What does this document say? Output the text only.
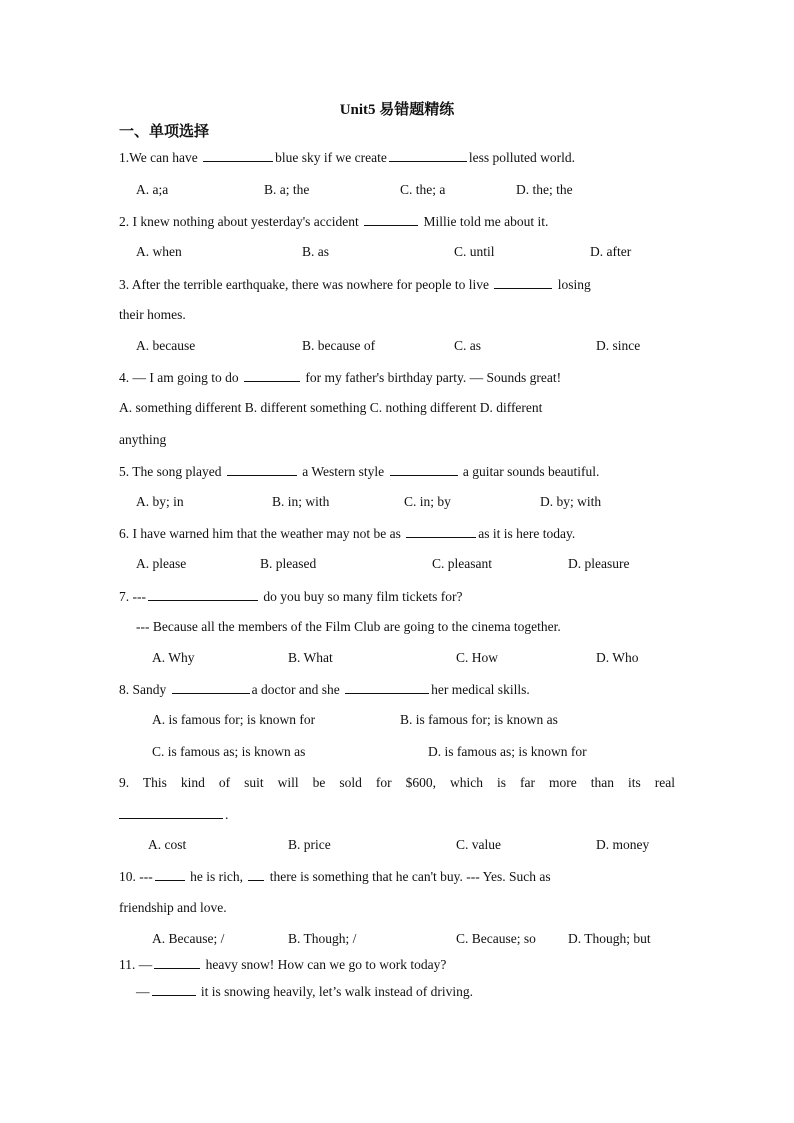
Unit5 易错题精练
一、单项选择
1.We can have	blue sky if we create	less polluted world.
A. a;a	B. a; the	C. the; a	D. the; the
2. I knew nothing about yesterday's accident	Millie told me about it.
A. when	B. as	C. until	D. after
3. After the terrible earthquake, there was nowhere for people to live	losing
their homes.
A. because	B. because of	C. as	D. since
4. — I am going to do	for my father's birthday party. — Sounds great!
A. something different B. different something C. nothing different D. different
anything
5. The song played	a Western style	a guitar sounds beautiful.
A. by; in	B. in; with	C. in; by	D. by; with
6. I have warned him that the weather may not be as	as it is here today.
A. please	B. pleased	C. pleasant	D. pleasure
7. ---	do you buy so many film tickets for?
--- Because all the members of the Film Club are going to the cinema together.
A. Why	B. What	C. How	D. Who
8. Sandy	a doctor and she	her medical skills.
A. is famous for; is known for	B. is famous for; is known as
C. is famous as; is known as	D. is famous as; is known for
9. This kind of suit will be sold for $600, which is far more than its real
.
A. cost	B. price	C. value	D. money
10. ---	he is rich,  there is something that he can't buy. --- Yes. Such as
friendship and love.
A. Because; /	B. Though; /	C. Because; so D. Though; but
11. —	heavy snow! How can we go to work today?
—	it is snowing heavily, let’s walk instead of driving.
